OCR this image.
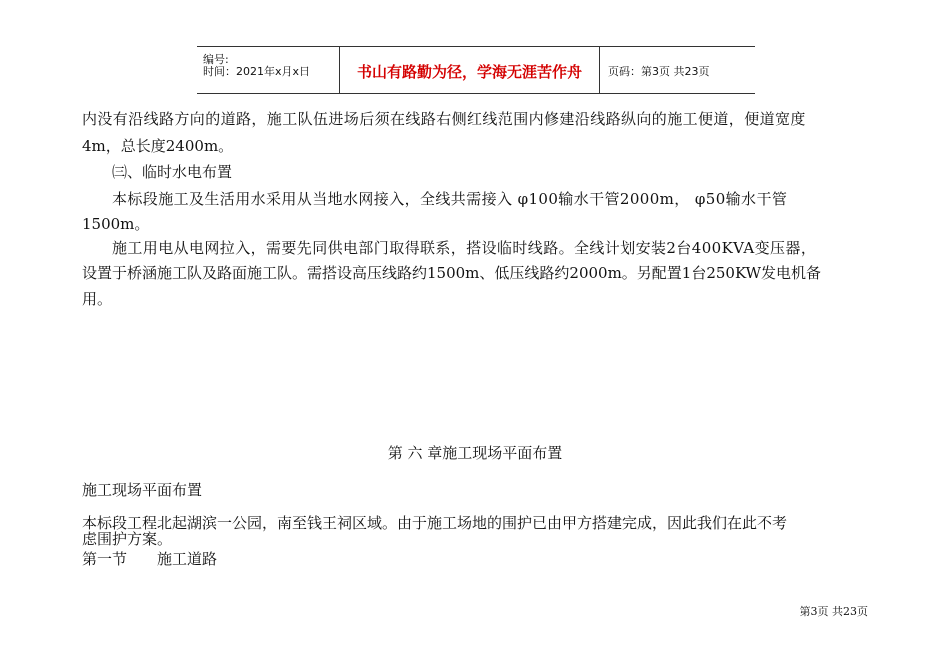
编号:
时间：2021年x月x日	书山有路勤为径，学海无涯苦作舟	页码：第3页 共23页
内没有沿线路方向的道路，施工队伍进场后须在线路右侧红线范围内修建沿线路纵向的施工便道，便道宽度
4m，总长度2400m。
㈢、临时水电布置
本标段施工及生活用水采用从当地水网接入，全线共需接入 φ100输水干管2000m， φ50输水干管
1500m。
施工用电从电网拉入，需要先同供电部门取得联系，搭设临时线路。全线计划安装2台400KVA变压器，
设置于桥涵施工队及路面施工队。需搭设高压线路约1500m、低压线路约2000m。另配置1台250KW发电机备
用。
第 六 章施工现场平面布置
施工现场平面布置
本标段工程北起湖滨一公园，南至钱王祠区域。由于施工场地的围护已由甲方搭建完成，因此我们在此不考
虑围护方案。
第一节　　施工道路
第3页 共23页
